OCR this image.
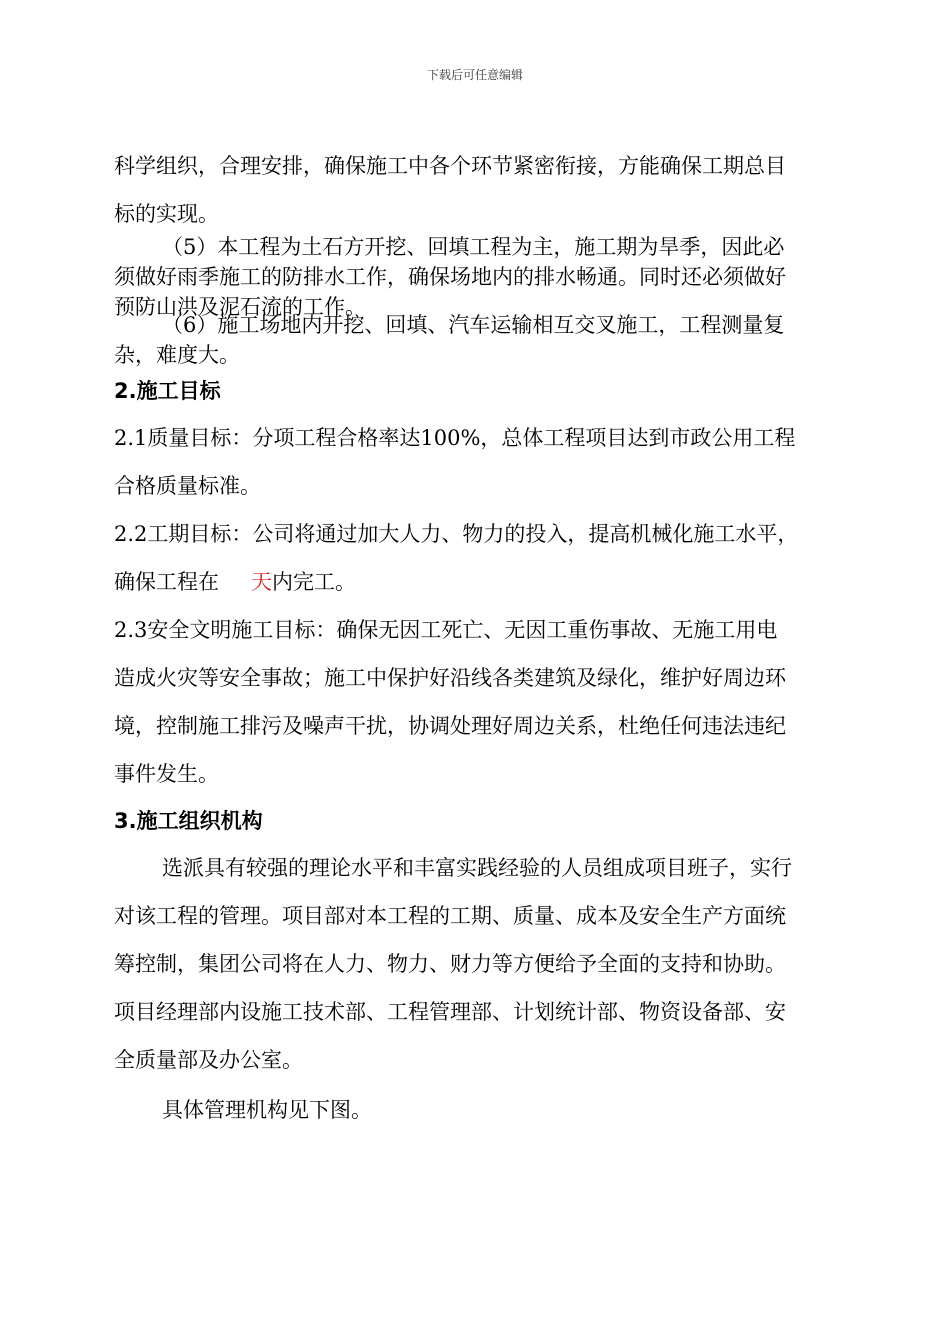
下载后可任意编辑
科学组织，合理安排，确保施工中各个环节紧密衔接，方能确保工期总目
标的实现。
（5）本工程为土石方开挖、回填工程为主，施工期为旱季，因此必
须做好雨季施工的防排水工作，确保场地内的排水畅通。同时还必须做好
预防山洪及泥石流的工作。
（6）施工场地内开挖、回填、汽车运输相互交叉施工，工程测量复
杂，难度大。
2.施工目标
2.1质量目标：分项工程合格率达100%，总体工程项目达到市政公用工程
合格质量标准。
2.2工期目标：公司将通过加大人力、物力的投入，提高机械化施工水平，
确保工程在 天内完工。
2.3安全文明施工目标：确保无因工死亡、无因工重伤事故、无施工用电
造成火灾等安全事故；施工中保护好沿线各类建筑及绿化，维护好周边环
境，控制施工排污及噪声干扰，协调处理好周边关系，杜绝任何违法违纪
事件发生。
3.施工组织机构
选派具有较强的理论水平和丰富实践经验的人员组成项目班子，实行
对该工程的管理。项目部对本工程的工期、质量、成本及安全生产方面统
筹控制，集团公司将在人力、物力、财力等方便给予全面的支持和协助。
项目经理部内设施工技术部、工程管理部、计划统计部、物资设备部、安
全质量部及办公室。
具体管理机构见下图。
